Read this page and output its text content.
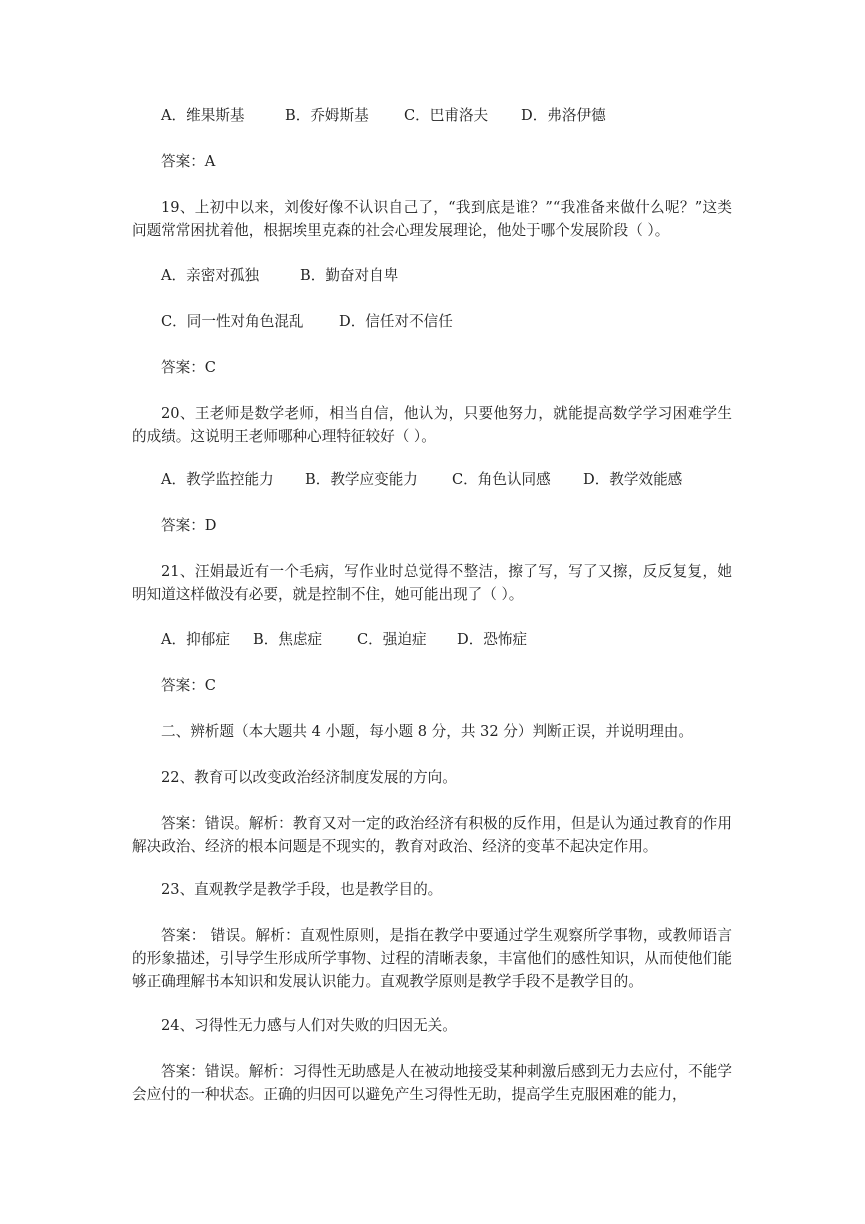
A．维果斯基	B．乔姆斯基 C．巴甫洛夫 D．弗洛伊德
答案：A
19、上初中以来，刘俊好像不认识自己了，“我到底是谁？”“我准备来做什么呢？”这类问题常常困扰着他，根据埃里克森的社会心理发展理论，他处于哪个发展阶段（ ）。
A．亲密对孤独	B．勤奋对自卑
C．同一性对角色混乱 D．信任对不信任
答案：C
20、王老师是数学老师，相当自信，他认为，只要他努力，就能提高数学学习困难学生的成绩。这说明王老师哪种心理特征较好（ ）。
A．教学监控能力 B．教学应变能力 C．角色认同感 D．教学效能感
答案：D
21、汪娟最近有一个毛病，写作业时总觉得不整洁，擦了写，写了又擦，反反复复，她明知道这样做没有必要，就是控制不住，她可能出现了（ ）。
A．抑郁症 B．焦虑症 C．强迫症 D．恐怖症
答案：C
二、辨析题（本大题共 4 小题，每小题 8 分，共 32 分）判断正误，并说明理由。
22、教育可以改变政治经济制度发展的方向。
答案：错误。解析：教育又对一定的政治经济有积极的反作用，但是认为通过教育的作用解决政治、经济的根本问题是不现实的，教育对政治、经济的变革不起决定作用。
23、直观教学是教学手段，也是教学目的。
答案： 错误。解析：直观性原则，是指在教学中要通过学生观察所学事物，或教师语言的形象描述，引导学生形成所学事物、过程的清晰表象，丰富他们的感性知识，从而使他们能够正确理解书本知识和发展认识能力。直观教学原则是教学手段不是教学目的。
24、习得性无力感与人们对失败的归因无关。
答案：错误。解析：习得性无助感是人在被动地接受某种刺激后感到无力去应付，不能学会应付的一种状态。正确的归因可以避免产生习得性无助，提高学生克服困难的能力，
